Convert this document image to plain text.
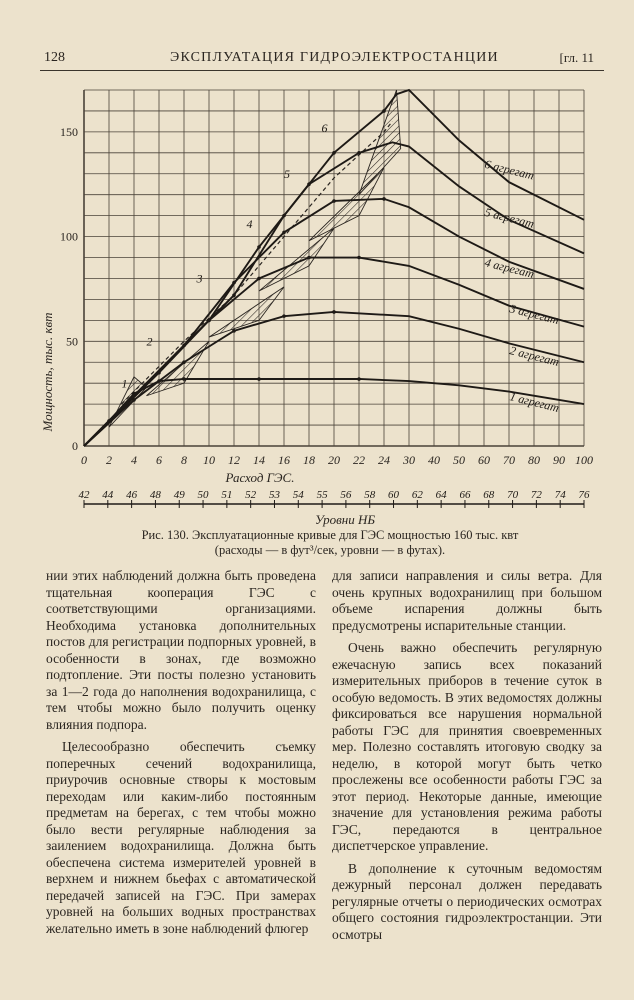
128	ЭКСПЛУАТАЦИЯ ГИДРОЭЛЕКТРОСТАНЦИИ	[гл. 11
0 2 4 6 8 10 12 14 16 18 20 22 24 30 40 50 60 70 80 90 100
0
50
100
150
1 агрегат
2 агрегат
3 агрегат
4 агрегат
5 агрегат
6 агрегат
1
2
3
4
5
6
42 44 46 48 49 50 51 52 53 54 55 56 58 60 62 64 66 68 70 72 74 76
Мощность, тыс. квт
Расход ГЭС.
Уровни НБ
Рис. 130. Эксплуатационные кривые для ГЭС мощностью 160 тыс. квт
(расходы — в фут³/сек, уровни — в футах).

нии этих наблюдений должна быть проведена тщательная кооперация ГЭС с соответствующими организациями. Необходима установка дополнительных постов для регистрации подпорных уровней, в особенности в зонах, где возможно подтопление. Эти посты полезно установить за 1—2 года до наполнения водохранилища, с тем чтобы можно было получить оценку влияния подпора.

Целесообразно обеспечить съемку поперечных сечений водохранилища, приурочив основные створы к мостовым переходам или каким-либо постоянным предметам на берегах, с тем чтобы можно было вести регулярные наблюдения за заилением водохранилища. Должна быть обеспечена система измерителей уровней в верхнем и нижнем бьефах с автоматической передачей записей на ГЭС. При замерах уровней на больших водных пространствах желательно иметь в зоне наблюдений флюгер

для записи направления и силы ветра. Для очень крупных водохранилищ при большом объеме испарения должны быть предусмотрены испарительные станции.

Очень важно обеспечить регулярную ежечасную запись всех показаний измерительных приборов в течение суток в особую ведомость. В этих ведомостях должны фиксироваться все нарушения нормальной работы ГЭС для принятия своевременных мер. Полезно составлять итоговую сводку за неделю, в которой могут быть четко прослежены все особенности работы ГЭС за этот период. Некоторые данные, имеющие значение для установления режима работы ГЭС, передаются в центральное диспетчерское управление.

В дополнение к суточным ведомостям дежурный персонал должен передавать регулярные отчеты о периодических осмотрах общего состояния гидроэлектростанции. Эти осмотры
